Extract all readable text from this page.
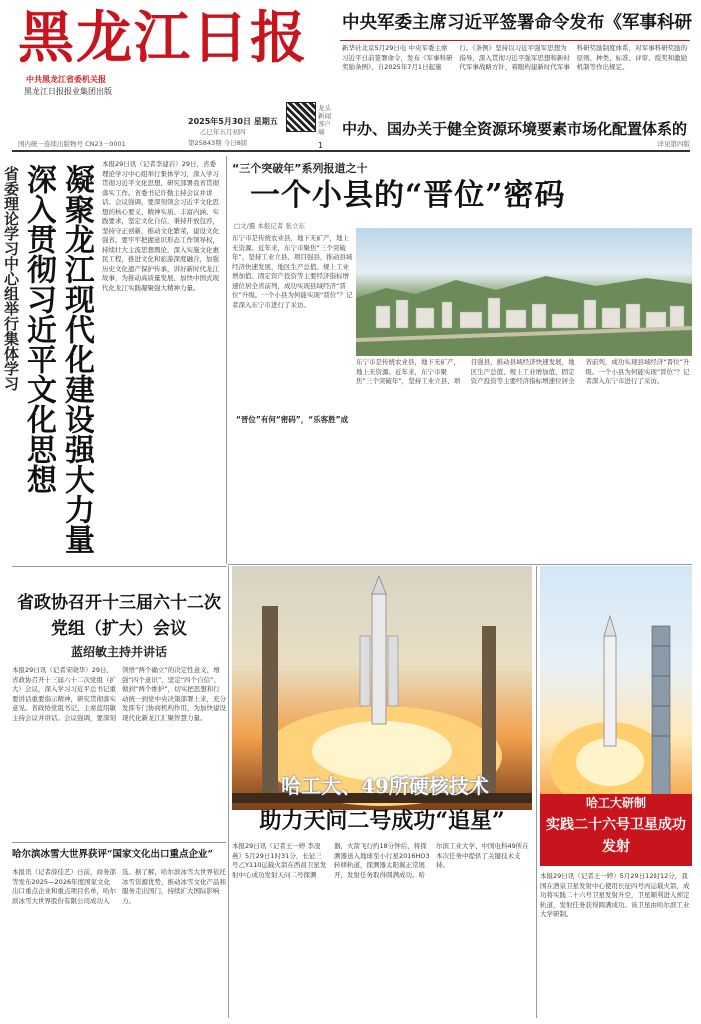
黑龙江日报
中共黑龙江省委机关报
黑龙江日报报业集团出版
2025年5月30日 星期五
乙巳年五月初四
第25843期 今日8版
国内统一连续出版物号 CN23－0001
龙头新闻客户端
1
中央军委主席习近平签署命令发布《军事科研
新华社北京5月29日电 中央军委主席习近平日前签署命令，发布《军事科研奖励条例》，自2025年7月1日起施行。《条例》坚持以习近平强军思想为指导，深入贯彻习近平强军思想和新时代军事战略方针，着眼构建新时代军事科研奖励制度体系，对军事科研奖励的原则、种类、标准、评审、授奖和激励机制等作出规定。
中办、国办关于健全资源环境要素市场化配置体系的
详见第四版
凝聚龙江现代化建设强大力量
深入贯彻习近平文化思想
省委理论学习中心组举行集体学习
本报29日讯（记者李建岩）29日，省委理论学习中心组举行集体学习，深入学习贯彻习近平文化思想，研究部署我省贯彻落实工作。省委书记许勤主持会议并讲话。会议强调，要深刻领会习近平文化思想的核心要义、精神实质、丰富内涵、实践要求，坚定文化自信，秉持开放包容，坚持守正创新，推动文化繁荣，建设文化强省。要牢牢把握意识形态工作领导权，持续壮大主流思想舆论，深入实施文化惠民工程，推进文化和旅游深度融合，加强历史文化遗产保护传承，讲好新时代龙江故事，为推动高质量发展、加快中国式现代化龙江实践凝聚强大精神力量。
“三个突破年”系列报道之十
一个小县的“晋位”密码
□文/摄 本报记者 张立东
东宁市是传统农业县，地下无矿产，地上无资源。近年来，东宁市聚焦“三个突破年”，坚持工业立县、项目强县，推动县域经济快速发展，地区生产总值、规上工业增加值、固定资产投资等主要经济指标增速位居全省前列，成功实现县域经济“晋位”升级。一个小县为何能实现“晋位”？记者深入东宁市进行了采访。
东宁市是传统农业县，地下无矿产，地上无资源。近年来，东宁市聚焦“三个突破年”，坚持工业立县、项目强县，推动县域经济快速发展，地区生产总值、规上工业增加值、固定资产投资等主要经济指标增速位居全省前列，成功实现县域经济“晋位”升级。一个小县为何能实现“晋位”？记者深入东宁市进行了采访。
“晋位”有何“密码”，“乐客胜”成
省政协召开十三届六十二次党组（扩大）会议
蓝绍敏主持并讲话
本报29日讯（记者宋晓华）29日，省政协召开十三届六十二次党组（扩大）会议，深入学习习近平总书记重要讲话重要指示精神，研究贯彻落实意见。省政协党组书记、主席蓝绍敏主持会议并讲话。会议强调，要深刻领悟“两个确立”的决定性意义，增强“四个意识”、坚定“四个自信”、做到“两个维护”，切实把思想和行动统一到党中央决策部署上来，充分发挥专门协商机构作用，为加快建设现代化新龙江汇聚智慧力量。
哈尔滨冰雪大世界获评“国家文化出口重点企业”
本报讯（记者薛佳艺）日前，商务部等发布2025—2026年度国家文化出口重点企业和重点项目名单，哈尔滨冰雪大世界股份有限公司成功入选。据了解，哈尔滨冰雪大世界依托冰雪资源优势，推动冰雪文化产品和服务走出国门，持续扩大国际影响力。
哈工大、49所硬核技术
助力天问二号成功“追星”
本报29日讯（记者王一婷 李凌燕）5月29日1时31分，长征三号乙Y110运载火箭在西昌卫星发射中心成功发射天问二号探测器，火箭飞行约18分钟后，将探测器送入地球至小行星2016HO3转移轨道，探测器太阳翼正常展开，发射任务取得圆满成功。哈尔滨工业大学、中国电科49所在本次任务中提供了关键技术支持。
哈工大研制
实践二十六号卫星成功发射
本报29日讯（记者王一婷）5月29日12时12分，我国在酒泉卫星发射中心使用长征四号丙运载火箭，成功将实践二十六号卫星发射升空，卫星顺利进入预定轨道，发射任务获得圆满成功。该卫星由哈尔滨工业大学研制。
